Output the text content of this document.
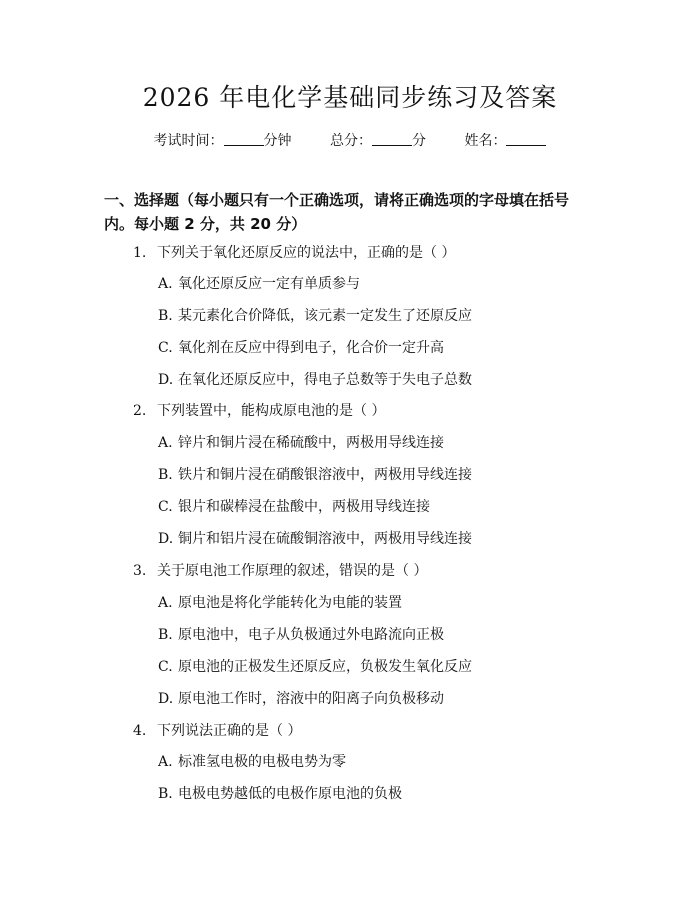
2026 年电化学基础同步练习及答案
考试时间：	分钟	总分：	分	姓名：
一、选择题（每小题只有一个正确选项，请将正确选项的字母填在括号内。每小题 2 分，共 20 分）
1. 下列关于氧化还原反应的说法中，正确的是（ ）
A. 氧化还原反应一定有单质参与
B. 某元素化合价降低，该元素一定发生了还原反应
C. 氧化剂在反应中得到电子，化合价一定升高
D. 在氧化还原反应中，得电子总数等于失电子总数
2. 下列装置中，能构成原电池的是（ ）
A. 锌片和铜片浸在稀硫酸中，两极用导线连接
B. 铁片和铜片浸在硝酸银溶液中，两极用导线连接
C. 银片和碳棒浸在盐酸中，两极用导线连接
D. 铜片和铝片浸在硫酸铜溶液中，两极用导线连接
3. 关于原电池工作原理的叙述，错误的是（ ）
A. 原电池是将化学能转化为电能的装置
B. 原电池中，电子从负极通过外电路流向正极
C. 原电池的正极发生还原反应，负极发生氧化反应
D. 原电池工作时，溶液中的阳离子向负极移动
4. 下列说法正确的是（ ）
A. 标准氢电极的电极电势为零
B. 电极电势越低的电极作原电池的负极
